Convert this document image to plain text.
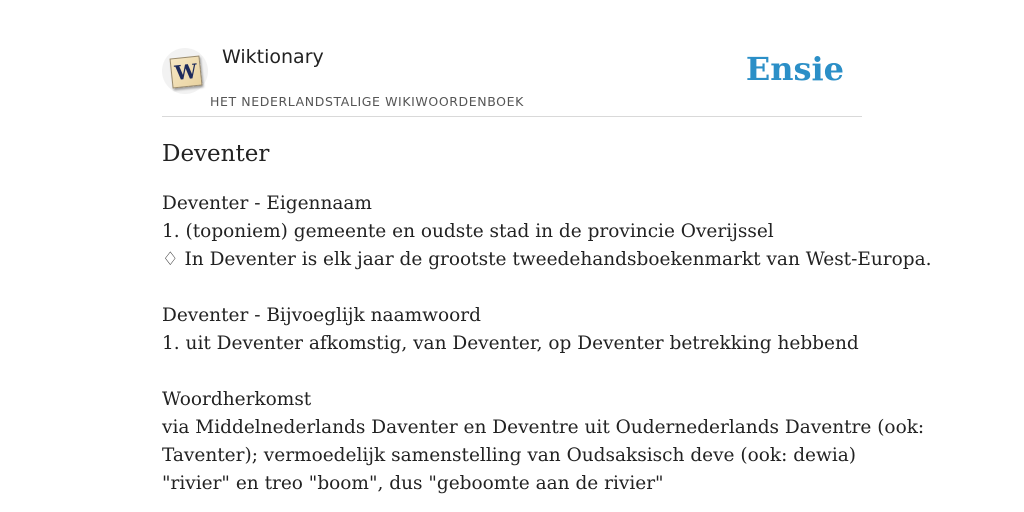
W
Wiktionary
HET NEDERLANDSTALIGE WIKIWOORDENBOEK
Ensie
Deventer
Deventer - Eigennaam
1. (toponiem) gemeente en oudste stad in de provincie Overijssel
♢ In Deventer is elk jaar de grootste tweedehandsboekenmarkt van West-Europa.
Deventer - Bijvoeglijk naamwoord
1. uit Deventer afkomstig, van Deventer, op Deventer betrekking hebbend
Woordherkomst
via Middelnederlands Daventer en Deventre uit Oudernederlands Daventre (ook:
Taventer); vermoedelijk samenstelling van Oudsaksisch deve (ook: dewia)
"rivier" en treo "boom", dus "geboomte aan de rivier"
